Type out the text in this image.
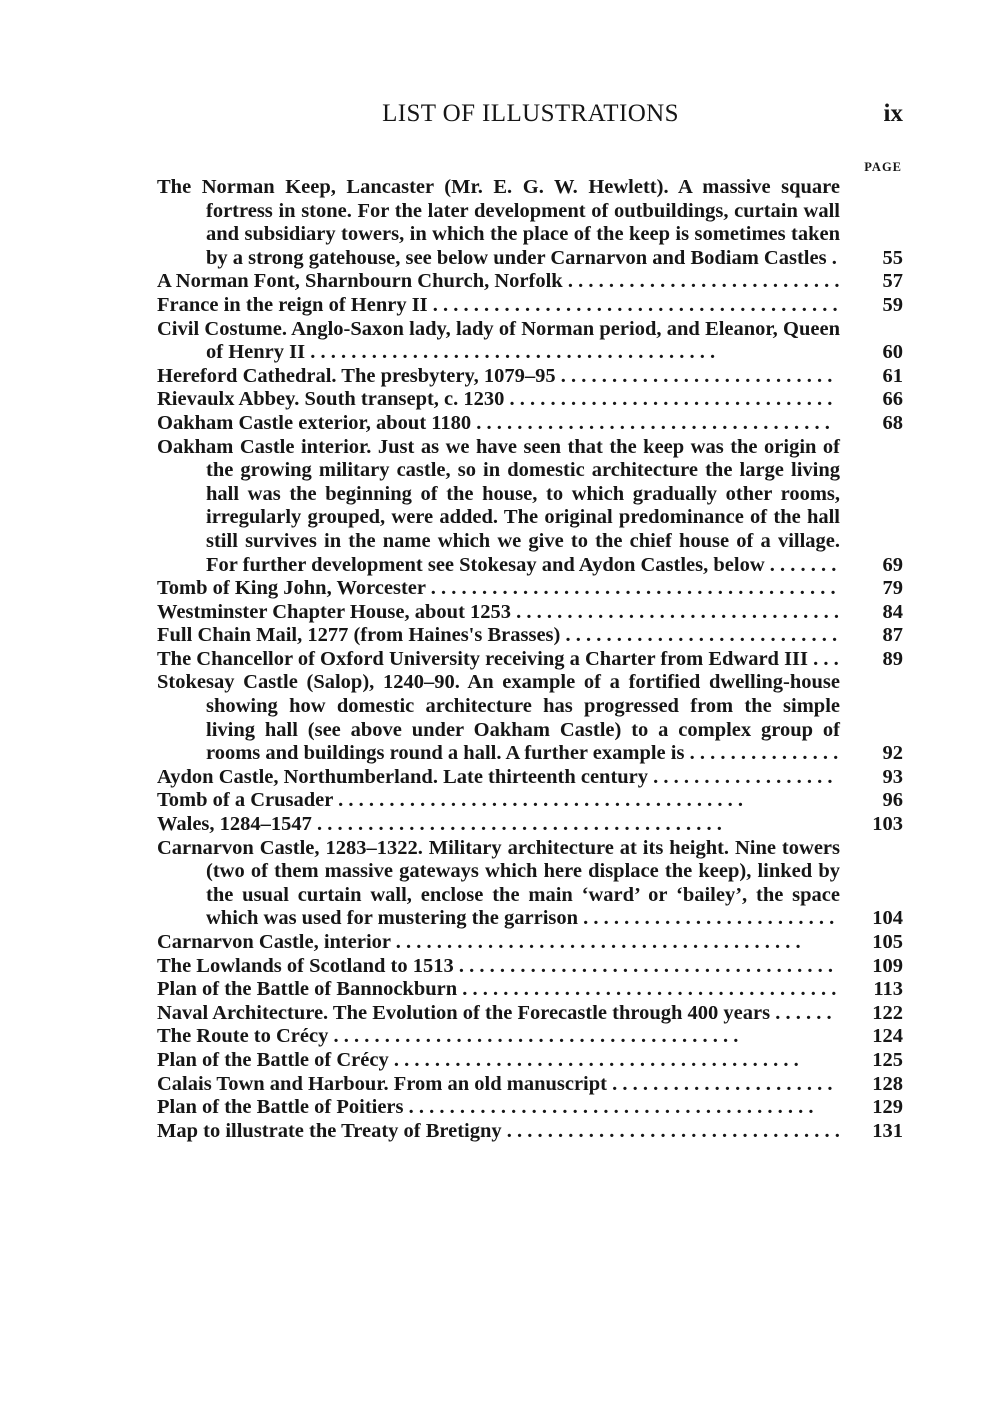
LIST OF ILLUSTRATIONS	ix
PAGE
The Norman Keep, Lancaster (Mr. E. G. W. Hewlett). A massive square fortress in stone. For the later development of outbuildings, curtain wall and subsidiary towers, in which the place of the keep is sometimes taken by a strong gatehouse, see below under Carnarvon and Bodiam Castles .	55
A Norman Font, Sharnbourn Church, Norfolk . . . . . . . . . . . . . . . . . . . . . . . . . . .	57
France in the reign of Henry II . . . . . . . . . . . . . . . . . . . . . . . . . . . . . . . . . . . . . . . .	59
Civil Costume. Anglo-Saxon lady, lady of Norman period, and Eleanor, Queen of Henry II . . . . . . . . . . . . . . . . . . . . . . . . . . . . . . . . . . . . . . . .	60
Hereford Cathedral. The presbytery, 1079–95 . . . . . . . . . . . . . . . . . . . . . . . . . . .	61
Rievaulx Abbey. South transept, c. 1230 . . . . . . . . . . . . . . . . . . . . . . . . . . . . . . . .	66
Oakham Castle exterior, about 1180 . . . . . . . . . . . . . . . . . . . . . . . . . . . . . . . . . . .	68
Oakham Castle interior. Just as we have seen that the keep was the origin of the growing military castle, so in domestic architecture the large living hall was the beginning of the house, to which gradually other rooms, irregularly grouped, were added. The original predominance of the hall still survives in the name which we give to the chief house of a village. For further development see Stokesay and Aydon Castles, below . . . . . . .	69
Tomb of King John, Worcester . . . . . . . . . . . . . . . . . . . . . . . . . . . . . . . . . . . . . . . .	79
Westminster Chapter House, about 1253 . . . . . . . . . . . . . . . . . . . . . . . . . . . . . . . .	84
Full Chain Mail, 1277 (from Haines's Brasses) . . . . . . . . . . . . . . . . . . . . . . . . . . .	87
The Chancellor of Oxford University receiving a Charter from Edward III . . .	89
Stokesay Castle (Salop), 1240–90. An example of a fortified dwelling-house showing how domestic architecture has progressed from the simple living hall (see above under Oakham Castle) to a complex group of rooms and buildings round a hall. A further example is . . . . . . . . . . . . . . .	92
Aydon Castle, Northumberland. Late thirteenth century . . . . . . . . . . . . . . . . . .	93
Tomb of a Crusader . . . . . . . . . . . . . . . . . . . . . . . . . . . . . . . . . . . . . . . .	96
Wales, 1284–1547 . . . . . . . . . . . . . . . . . . . . . . . . . . . . . . . . . . . . . . . .	103
Carnarvon Castle, 1283–1322. Military architecture at its height. Nine towers (two of them massive gateways which here displace the keep), linked by the usual curtain wall, enclose the main ‘ward’ or ‘bailey’, the space which was used for mustering the garrison . . . . . . . . . . . . . . . . . . . . . . . . .	104
Carnarvon Castle, interior . . . . . . . . . . . . . . . . . . . . . . . . . . . . . . . . . . . . . . . .	105
The Lowlands of Scotland to 1513 . . . . . . . . . . . . . . . . . . . . . . . . . . . . . . . . . . . . .	109
Plan of the Battle of Bannockburn . . . . . . . . . . . . . . . . . . . . . . . . . . . . . . . . . . . . .	113
Naval Architecture. The Evolution of the Forecastle through 400 years . . . . . .	122
The Route to Crécy . . . . . . . . . . . . . . . . . . . . . . . . . . . . . . . . . . . . . . . .	124
Plan of the Battle of Crécy . . . . . . . . . . . . . . . . . . . . . . . . . . . . . . . . . . . . . . . .	125
Calais Town and Harbour. From an old manuscript . . . . . . . . . . . . . . . . . . . . . .	128
Plan of the Battle of Poitiers . . . . . . . . . . . . . . . . . . . . . . . . . . . . . . . . . . . . . . . .	129
Map to illustrate the Treaty of Bretigny . . . . . . . . . . . . . . . . . . . . . . . . . . . . . . . . .	131
